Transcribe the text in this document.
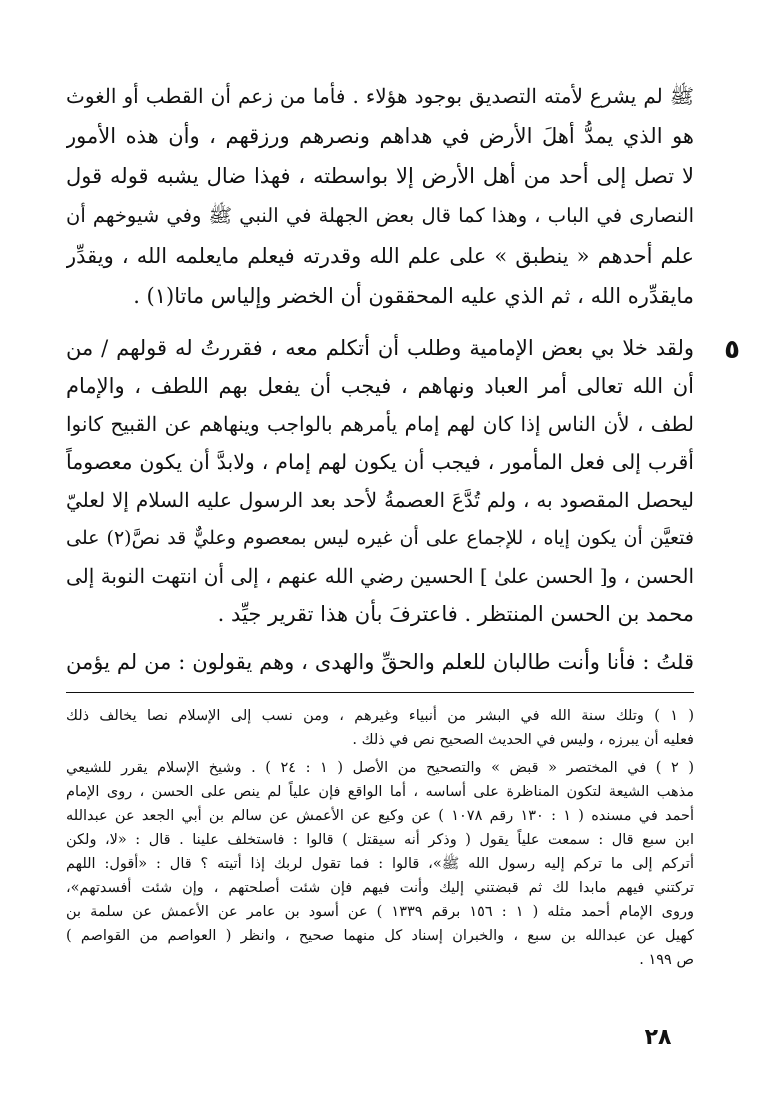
ﷺ لم يشرع لأمته التصديق بوجود هؤلاء . فأما من زعم أن القطب أو الغوث
هو الذي يمدُّ أهلَ الأرض في هداهم ونصرهم ورزقهم ، وأن هذه الأمور
لا تصل إلى أحد من أهل الأرض إلا بواسطته ، فهذا ضال يشبه قوله قول
النصارى في الباب ، وهذا كما قال بعض الجهلة في النبي ﷺ وفي شيوخهم أن
علم أحدهم « ينطبق » على علم الله وقدرته فيعلم مايعلمه الله ، ويقدِّر
مايقدِّره الله ، ثم الذي عليه المحققون أن الخضر وإلياس ماتا(١) .
٥
ولقد خلا بي بعض الإمامية وطلب أن أتكلم معه ، فقررتُ له قولهم / من
أن الله تعالى أمر العباد ونهاهم ، فيجب أن يفعل بهم اللطف ، والإمام
لطف ، لأن الناس إذا كان لهم إمام يأمرهم بالواجب وينهاهم عن القبيح كانوا
أقرب إلى فعل المأمور ، فيجب أن يكون لهم إمام ، ولابدَّ أن يكون معصوماً
ليحصل المقصود به ، ولم تُدَّعَ العصمةُ لأحد بعد الرسول عليه السلام إلا لعليّ
فتعيَّن أن يكون إياه ، للإجماع على أن غيره ليس بمعصوم وعليٌّ قد نصَّ(٢) على
الحسن ، و[ الحسن علىٰ ] الحسين رضي الله عنهم ، إلى أن انتهت النوبة إلى
محمد بن الحسن المنتظر . فاعترفَ بأن هذا تقرير جيِّد .
قلتُ : فأنا وأنت طالبان للعلم والحقِّ والهدى ، وهم يقولون : من لم يؤمن
( ١ ) وتلك سنة الله في البشر من أنبياء وغيرهم ، ومن نسب إلى الإسلام نصا يخالف ذلك
فعليه أن يبرزه ، وليس في الحديث الصحيح نص في ذلك .
( ٢ ) في المختصر « قبض » والتصحيح من الأصل ( ١ : ٢٤ ) . وشيخ الإسلام يقرر للشيعي
مذهب الشيعة لتكون المناظرة على أساسه ، أما الواقع فإن علياً لم ينص على الحسن ، روى الإمام
أحمد في مسنده ( ١ : ١٣٠ رقم ١٠٧٨ ) عن وكيع عن الأعمش عن سالم بن أبي الجعد عن عبدالله
ابن سبع قال : سمعت علياً يقول ( وذكر أنه سيقتل ) قالوا : فاستخلف علينا . قال : «لا، ولكن
أتركم إلى ما تركم إليه رسول الله ﷺ»، قالوا : فما تقول لربك إذا أتيته ؟ قال : «أقول: اللهم
تركتني فيهم مابدا لك ثم قبضتني إليك وأنت فيهم فإن شئت أصلحتهم ، وإن شئت أفسدتهم»،
وروى الإمام أحمد مثله ( ١ : ١٥٦ برقم ١٣٣٩ ) عن أسود بن عامر عن الأعمش عن سلمة بن
كهيل عن عبدالله بن سبع ، والخبران إسناد كل منهما صحيح ، وانظر ( العواصم من القواصم )
ص ١٩٩ .
٢٨
